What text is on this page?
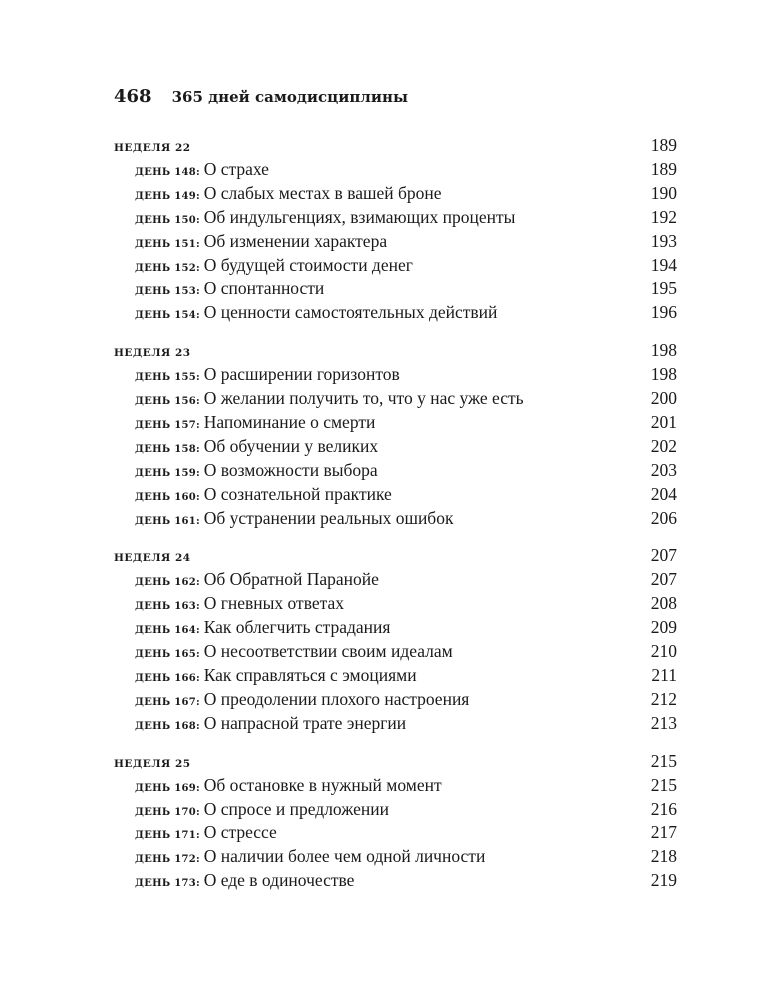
468 365 дней самодисциплины
НЕДЕЛЯ 22	189
ДЕНЬ 148 : О страхе	189
ДЕНЬ 149 : О слабых местах в вашей броне	190
ДЕНЬ 150 : Об индульгенциях, взимающих проценты	192
ДЕНЬ 151 : Об изменении характера	193
ДЕНЬ 152 : О будущей стоимости денег	194
ДЕНЬ 153 : О спонтанности	195
ДЕНЬ 154 : О ценности самостоятельных действий	196
НЕДЕЛЯ 23	198
ДЕНЬ 155 : О расширении горизонтов	198
ДЕНЬ 156 : О желании получить то, что у нас уже есть	200
ДЕНЬ 157 : Напоминание о смерти	201
ДЕНЬ 158 : Об обучении у великих	202
ДЕНЬ 159 : О возможности выбора	203
ДЕНЬ 160 : О сознательной практике	204
ДЕНЬ 161 : Об устранении реальных ошибок	206
НЕДЕЛЯ 24	207
ДЕНЬ 162 : Об Обратной Паранойе	207
ДЕНЬ 163 : О гневных ответах	208
ДЕНЬ 164 : Как облегчить страдания	209
ДЕНЬ 165 : О несоответствии своим идеалам	210
ДЕНЬ 166 : Как справляться с эмоциями	211
ДЕНЬ 167 : О преодолении плохого настроения	212
ДЕНЬ 168 : О напрасной трате энергии	213
НЕДЕЛЯ 25	215
ДЕНЬ 169 : Об остановке в нужный момент	215
ДЕНЬ 170 : О спросе и предложении	216
ДЕНЬ 171 : О стрессе	217
ДЕНЬ 172 : О наличии более чем одной личности	218
ДЕНЬ 173 : О еде в одиночестве	219
